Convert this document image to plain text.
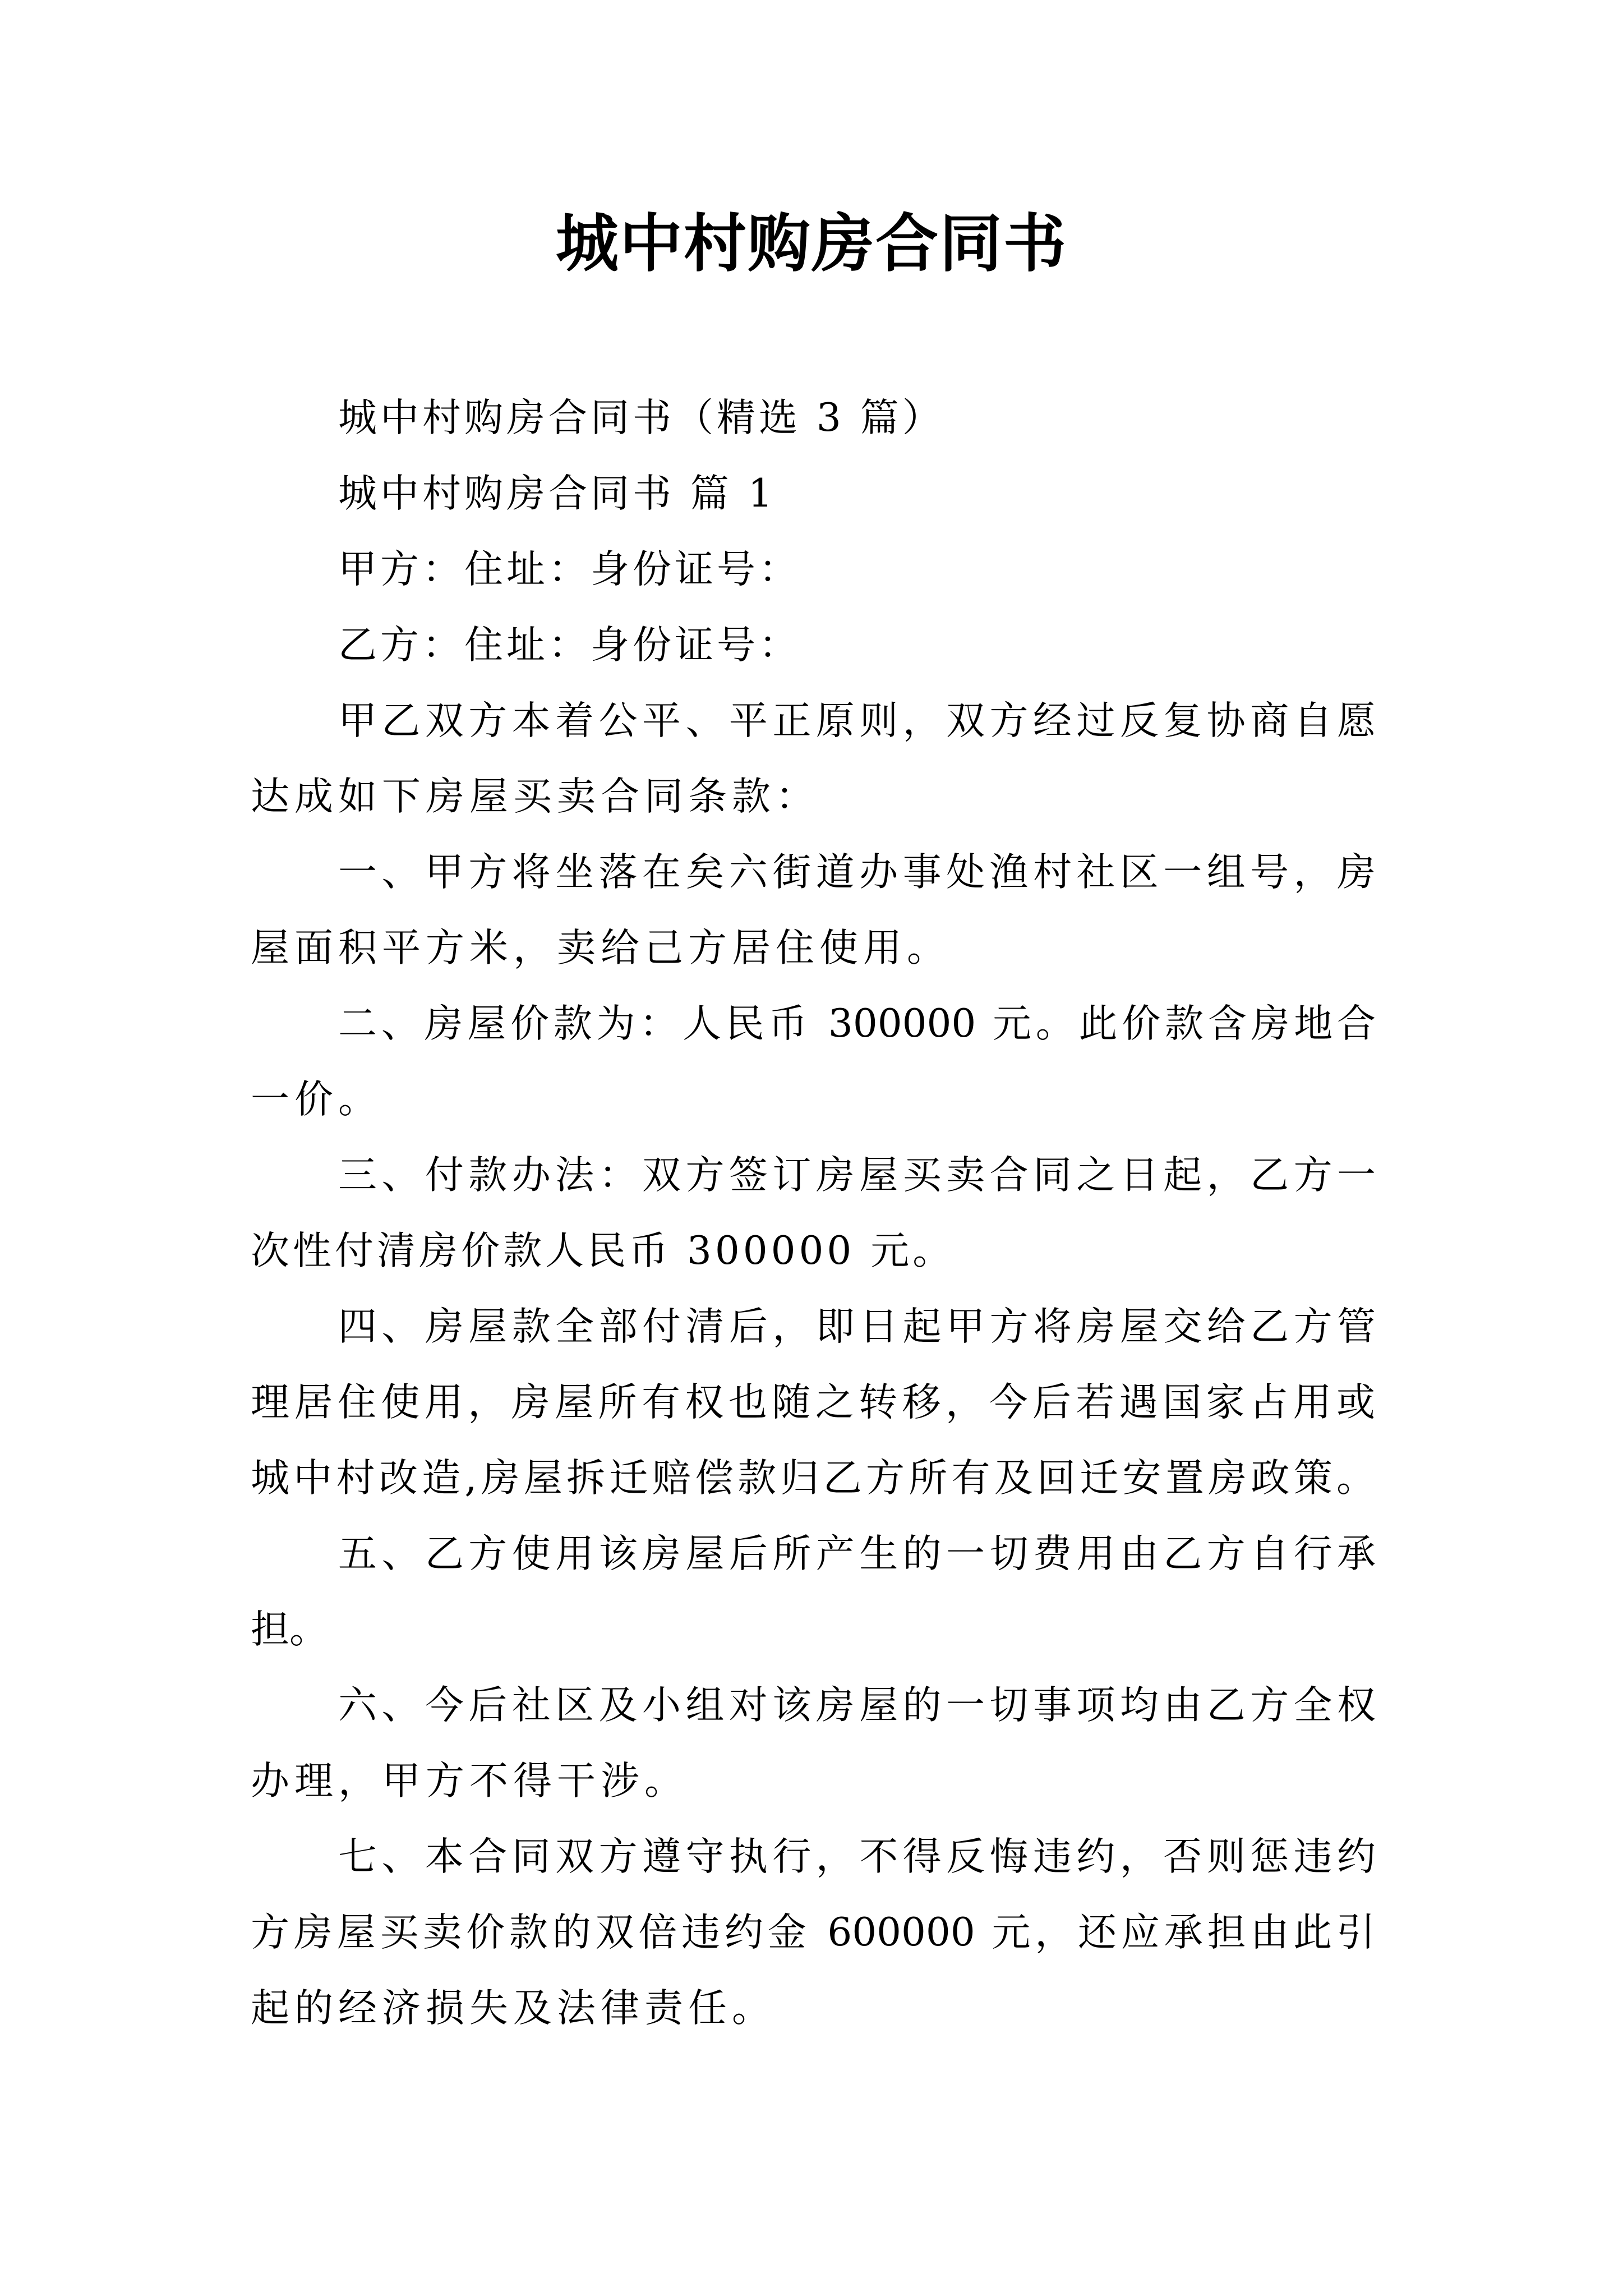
城中村购房合同书
城中村购房合同书（精选 3 篇）
城中村购房合同书 篇 1
甲方：住址：身份证号：
乙方：住址：身份证号：
甲乙双方本着公平、平正原则，双方经过反复协商自愿
达成如下房屋买卖合同条款：
一、甲方将坐落在矣六街道办事处渔村社区一组号，房
屋面积平方米，卖给己方居住使用。
二、房屋价款为：人民币 300000 元。此价款含房地合
一价。
三、付款办法：双方签订房屋买卖合同之日起，乙方一
次性付清房价款人民币 300000 元。
四、房屋款全部付清后，即日起甲方将房屋交给乙方管
理居住使用，房屋所有权也随之转移，今后若遇国家占用或
城中村改造,房屋拆迁赔偿款归乙方所有及回迁安置房政策。
五、乙方使用该房屋后所产生的一切费用由乙方自行承
担。
六、今后社区及小组对该房屋的一切事项均由乙方全权
办理，甲方不得干涉。
七、本合同双方遵守执行，不得反悔违约，否则惩违约
方房屋买卖价款的双倍违约金 600000 元，还应承担由此引
起的经济损失及法律责任。
